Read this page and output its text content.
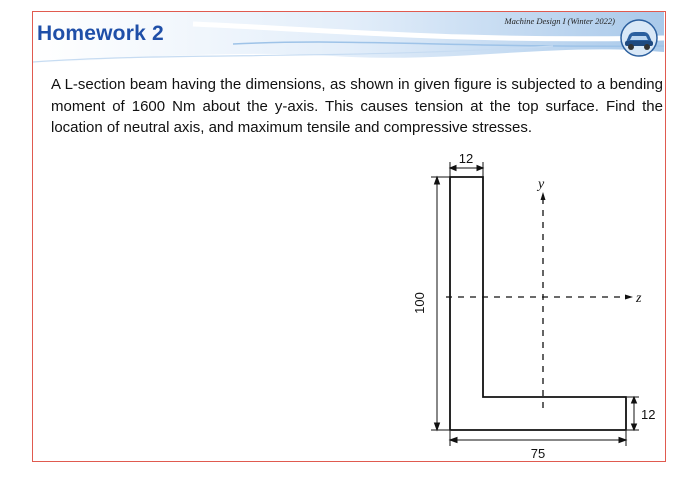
Homework 2
Machine Design I (Winter 2022)

A L-section beam having the dimensions, as shown in given figure is subjected to a bending moment of 1600 Nm about the y-axis. This causes tension at the top surface. Find the location of neutral axis, and maximum tensile and compressive stresses.

12
100
12
75
y
z
